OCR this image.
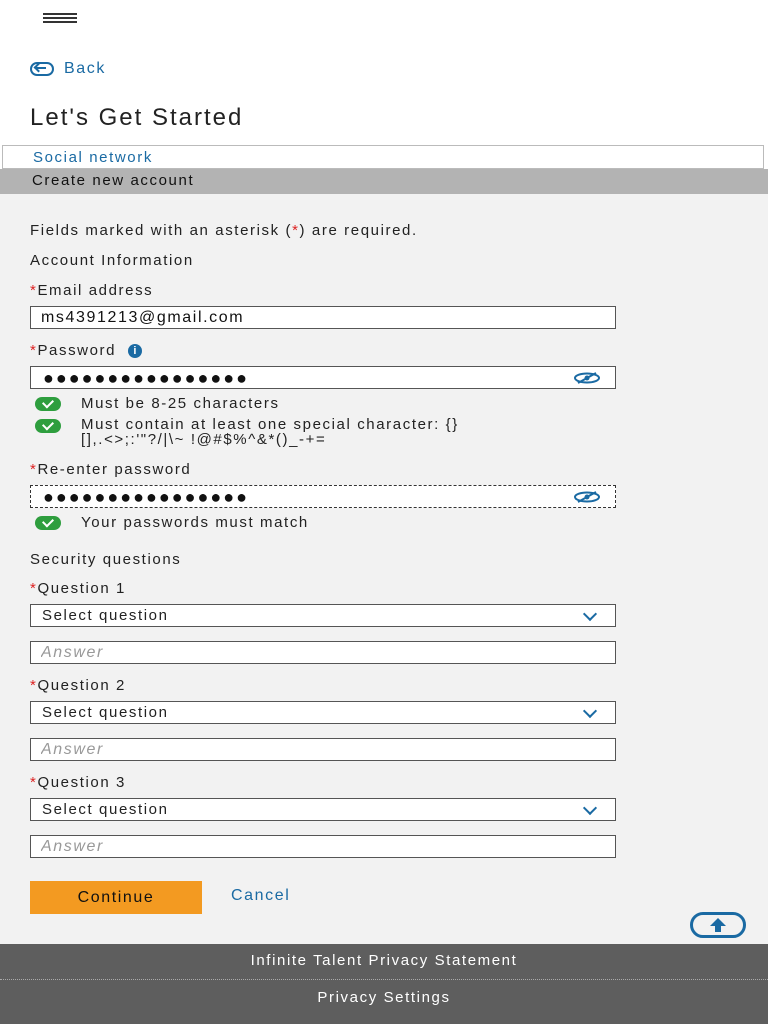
Back
Let's Get Started
Social network
Create new account
Fields marked with an asterisk (*) are required.
Account Information
*Email address
ms4391213@gmail.com
*Password i
●●●●●●●●●●●●●●●●
Must be 8-25 characters
Must contain at least one special character: {}
[],.<>;:'"?/|\~ !@#$%^&*()_-+=
*Re-enter password
●●●●●●●●●●●●●●●●
Your passwords must match
Security questions
*Question 1
Select question
Answer
*Question 2
Select question
Answer
*Question 3
Select question
Answer
Continue	Cancel
Infinite Talent Privacy Statement
Privacy Settings
